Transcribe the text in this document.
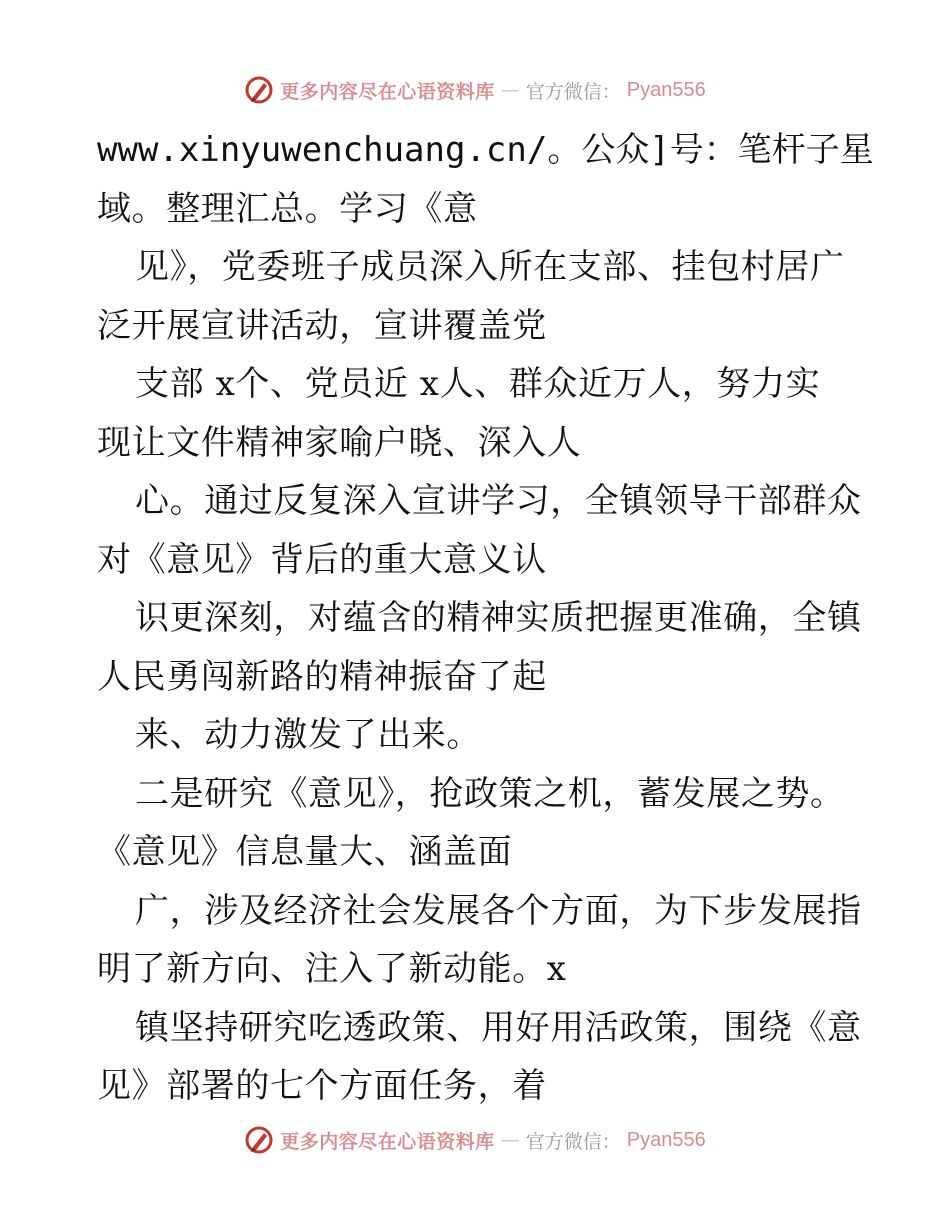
更多内容尽在心语资料库 — 官方微信： Pyan556
www.xinyuwenchuang.cn/。公众]号：笔杆子星
域。整理汇总。学习《意
见》，党委班子成员深入所在支部、挂包村居广
泛开展宣讲活动，宣讲覆盖党
支部 x个、党员近 x人、群众近万人，努力实
现让文件精神家喻户晓、深入人
心。通过反复深入宣讲学习，全镇领导干部群众
对《意见》背后的重大意义认
识更深刻，对蕴含的精神实质把握更准确，全镇
人民勇闯新路的精神振奋了起
来、动力激发了出来。
二是研究《意见》，抢政策之机，蓄发展之势。
《意见》信息量大、涵盖面
广，涉及经济社会发展各个方面，为下步发展指
明了新方向、注入了新动能。x
镇坚持研究吃透政策、用好用活政策，围绕《意
见》部署的七个方面任务，着
更多内容尽在心语资料库 — 官方微信： Pyan556
